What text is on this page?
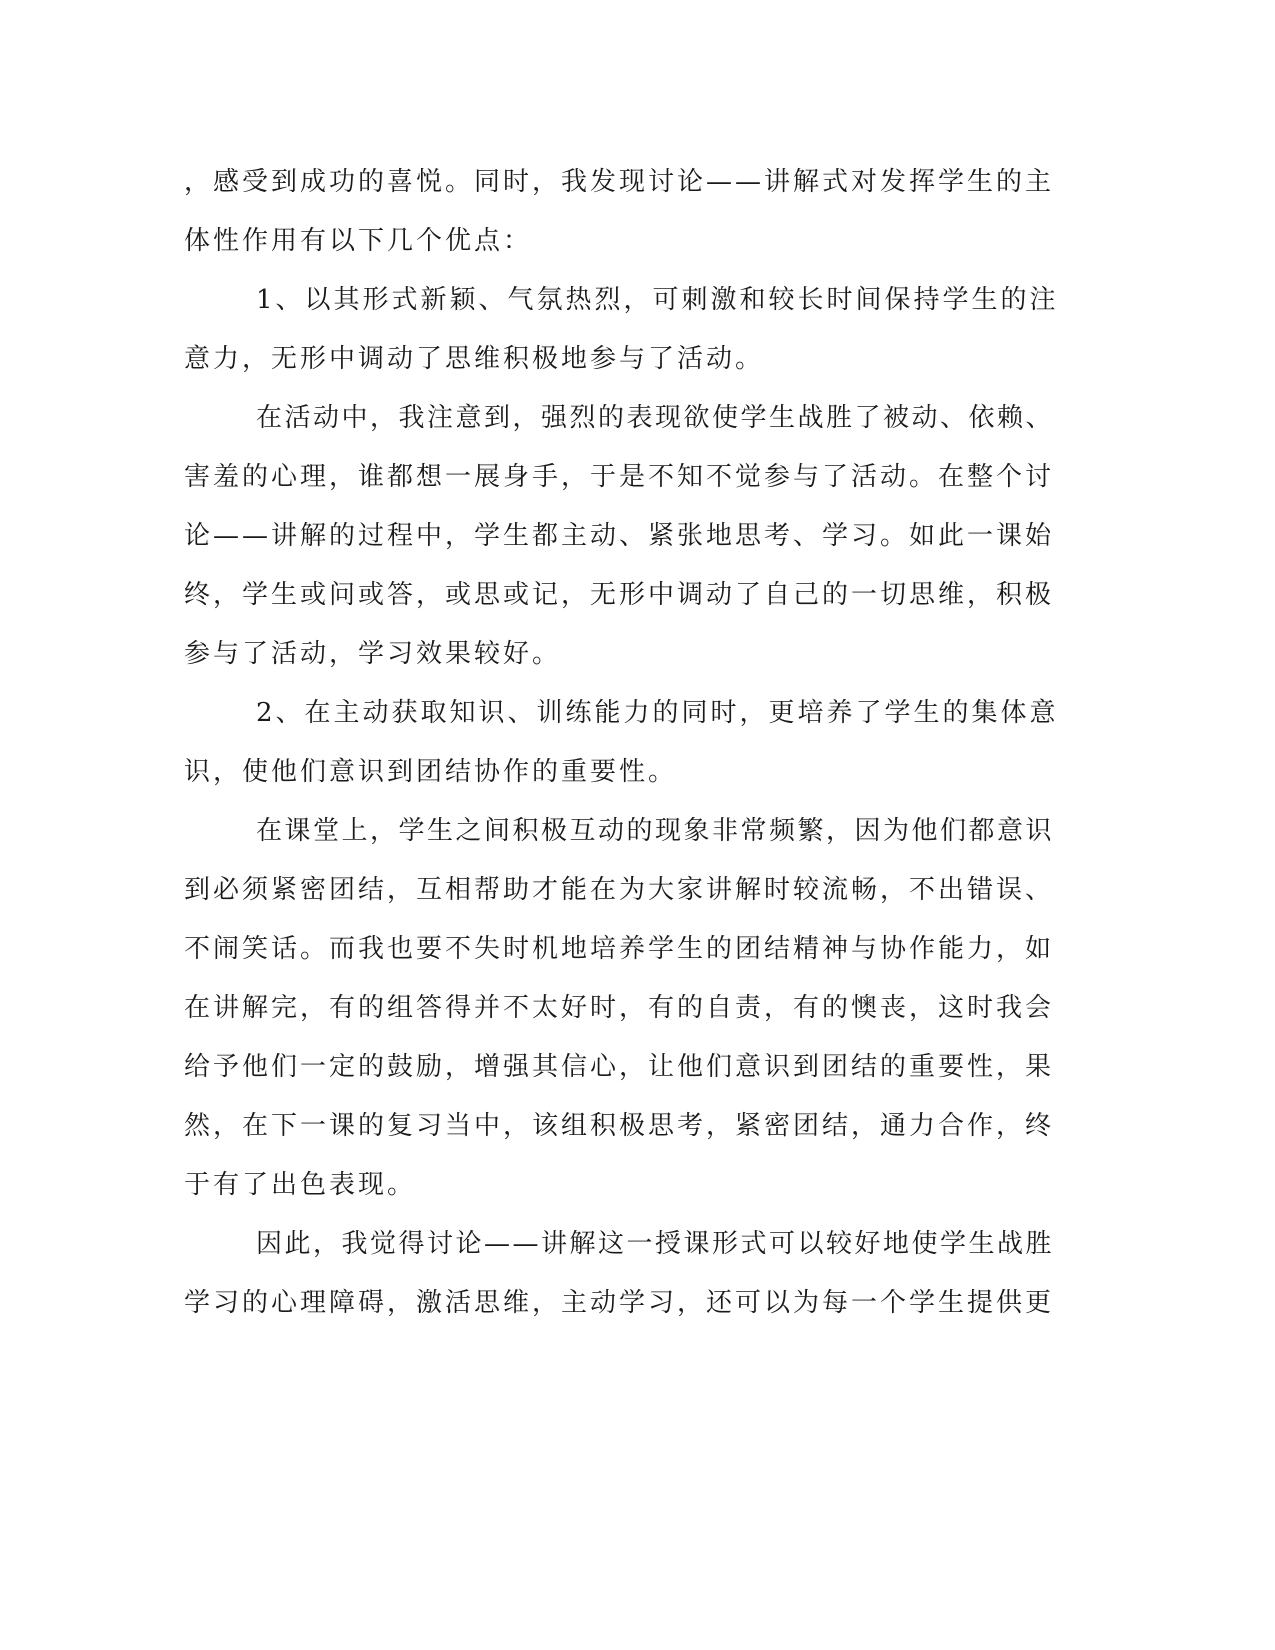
，感受到成功的喜悦。同时，我发现讨论——讲解式对发挥学生的主
体性作用有以下几个优点：
1、以其形式新颖、气氛热烈，可刺激和较长时间保持学生的注
意力，无形中调动了思维积极地参与了活动。
在活动中，我注意到，强烈的表现欲使学生战胜了被动、依赖、
害羞的心理，谁都想一展身手，于是不知不觉参与了活动。在整个讨
论——讲解的过程中，学生都主动、紧张地思考、学习。如此一课始
终，学生或问或答，或思或记，无形中调动了自己的一切思维，积极
参与了活动，学习效果较好。
2、在主动获取知识、训练能力的同时，更培养了学生的集体意
识，使他们意识到团结协作的重要性。
在课堂上，学生之间积极互动的现象非常频繁，因为他们都意识
到必须紧密团结，互相帮助才能在为大家讲解时较流畅，不出错误、
不闹笑话。而我也要不失时机地培养学生的团结精神与协作能力，如
在讲解完，有的组答得并不太好时，有的自责，有的懊丧，这时我会
给予他们一定的鼓励，增强其信心，让他们意识到团结的重要性，果
然，在下一课的复习当中，该组积极思考，紧密团结，通力合作，终
于有了出色表现。
因此，我觉得讨论——讲解这一授课形式可以较好地使学生战胜
学习的心理障碍，激活思维，主动学习，还可以为每一个学生提供更
